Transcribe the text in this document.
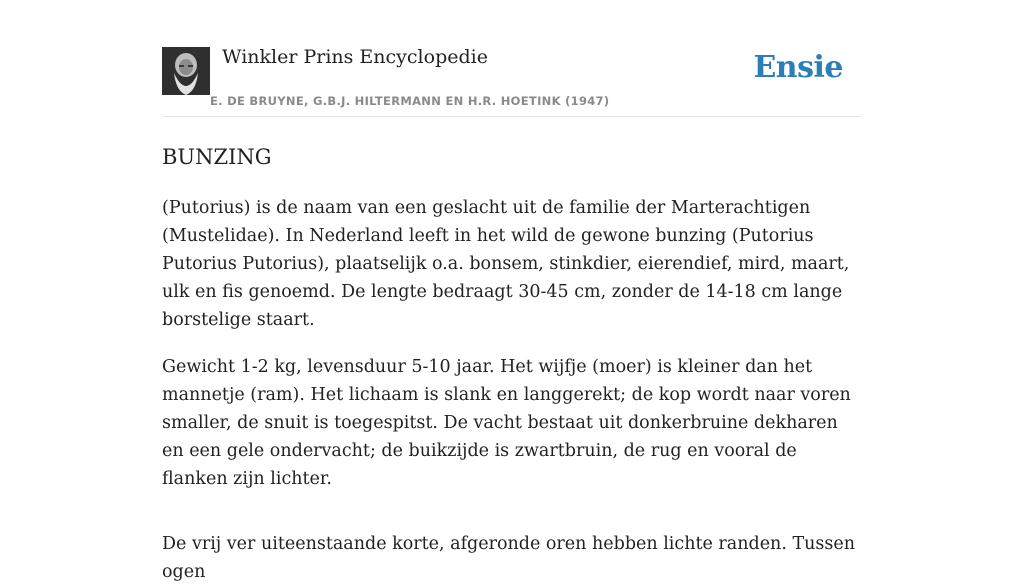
Winkler Prins Encyclopedie
E. DE BRUYNE, G.B.J. HILTERMANN EN H.R. HOETINK (1947)
Ensie
BUNZING

(Putorius) is de naam van een geslacht uit de familie der Marterachtigen (Mustelidae). In Nederland leeft in het wild de gewone bunzing (Putorius Putorius Putorius), plaatselijk o.a. bonsem, stinkdier, eierendief, mird, maart, ulk en fis genoemd. De lengte bedraagt 30-45 cm, zonder de 14-18 cm lange borstelige staart.

Gewicht 1-2 kg, levensduur 5-10 jaar. Het wijfje (moer) is kleiner dan het mannetje (ram). Het lichaam is slank en langgerekt; de kop wordt naar voren smaller, de snuit is toegespitst. De vacht bestaat uit donkerbruine dekharen en een gele ondervacht; de buikzijde is zwartbruin, de rug en vooral de flanken zijn lichter.

De vrij ver uiteenstaande korte, afgeronde oren hebben lichte randen. Tussen ogen
